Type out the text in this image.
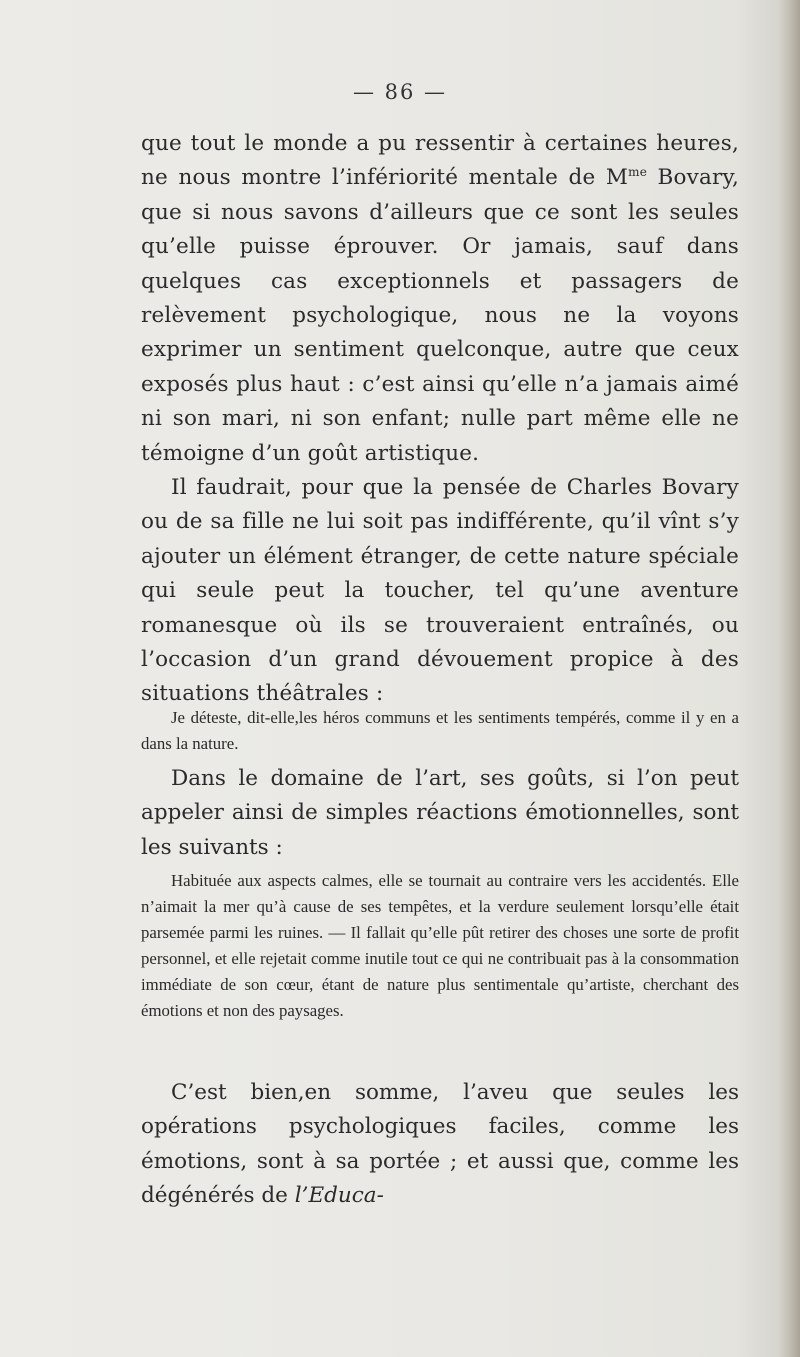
— 86 —

que tout le monde a pu ressentir à certaines heures, ne nous montre l’infériorité mentale de $M^{me}$ Bovary, que si nous savons d’ailleurs que ce sont les seules qu’elle puisse éprouver. Or jamais, sauf dans quelques cas exceptionnels et passagers de relèvement psychologique, nous ne la voyons exprimer un sentiment quelconque, autre que ceux exposés plus haut : c’est ainsi qu’elle n’a jamais aimé ni son mari, ni son enfant; nulle part même elle ne témoigne d’un goût artistique.

Il faudrait, pour que la pensée de Charles Bovary ou de sa fille ne lui soit pas indifférente, qu’il vînt s’y ajouter un élément étranger, de cette nature spéciale qui seule peut la toucher, tel qu’une aventure romanesque où ils se trouveraient entraînés, ou l’occasion d’un grand dévouement propice à des situations théâtrales :

Je déteste, dit-elle,les héros communs et les sentiments tempérés, comme il y en a dans la nature.

Dans le domaine de l’art, ses goûts, si l’on peut appeler ainsi de simples réactions émotionnelles, sont les suivants :

Habituée aux aspects calmes, elle se tournait au contraire vers les accidentés. Elle n’aimait la mer qu’à cause de ses tempêtes, et la verdure seulement lorsqu’elle était parsemée parmi les ruines. — Il fallait qu’elle pût retirer des choses une sorte de profit personnel, et elle rejetait comme inutile tout ce qui ne contribuait pas à la consommation immédiate de son cœur, étant de nature plus sentimentale qu’artiste, cherchant des émotions et non des paysages.

C’est bien,en somme, l’aveu que seules les opérations psychologiques faciles, comme les émotions, sont à sa portée ; et aussi que, comme les dégénérés de l’Educa-
